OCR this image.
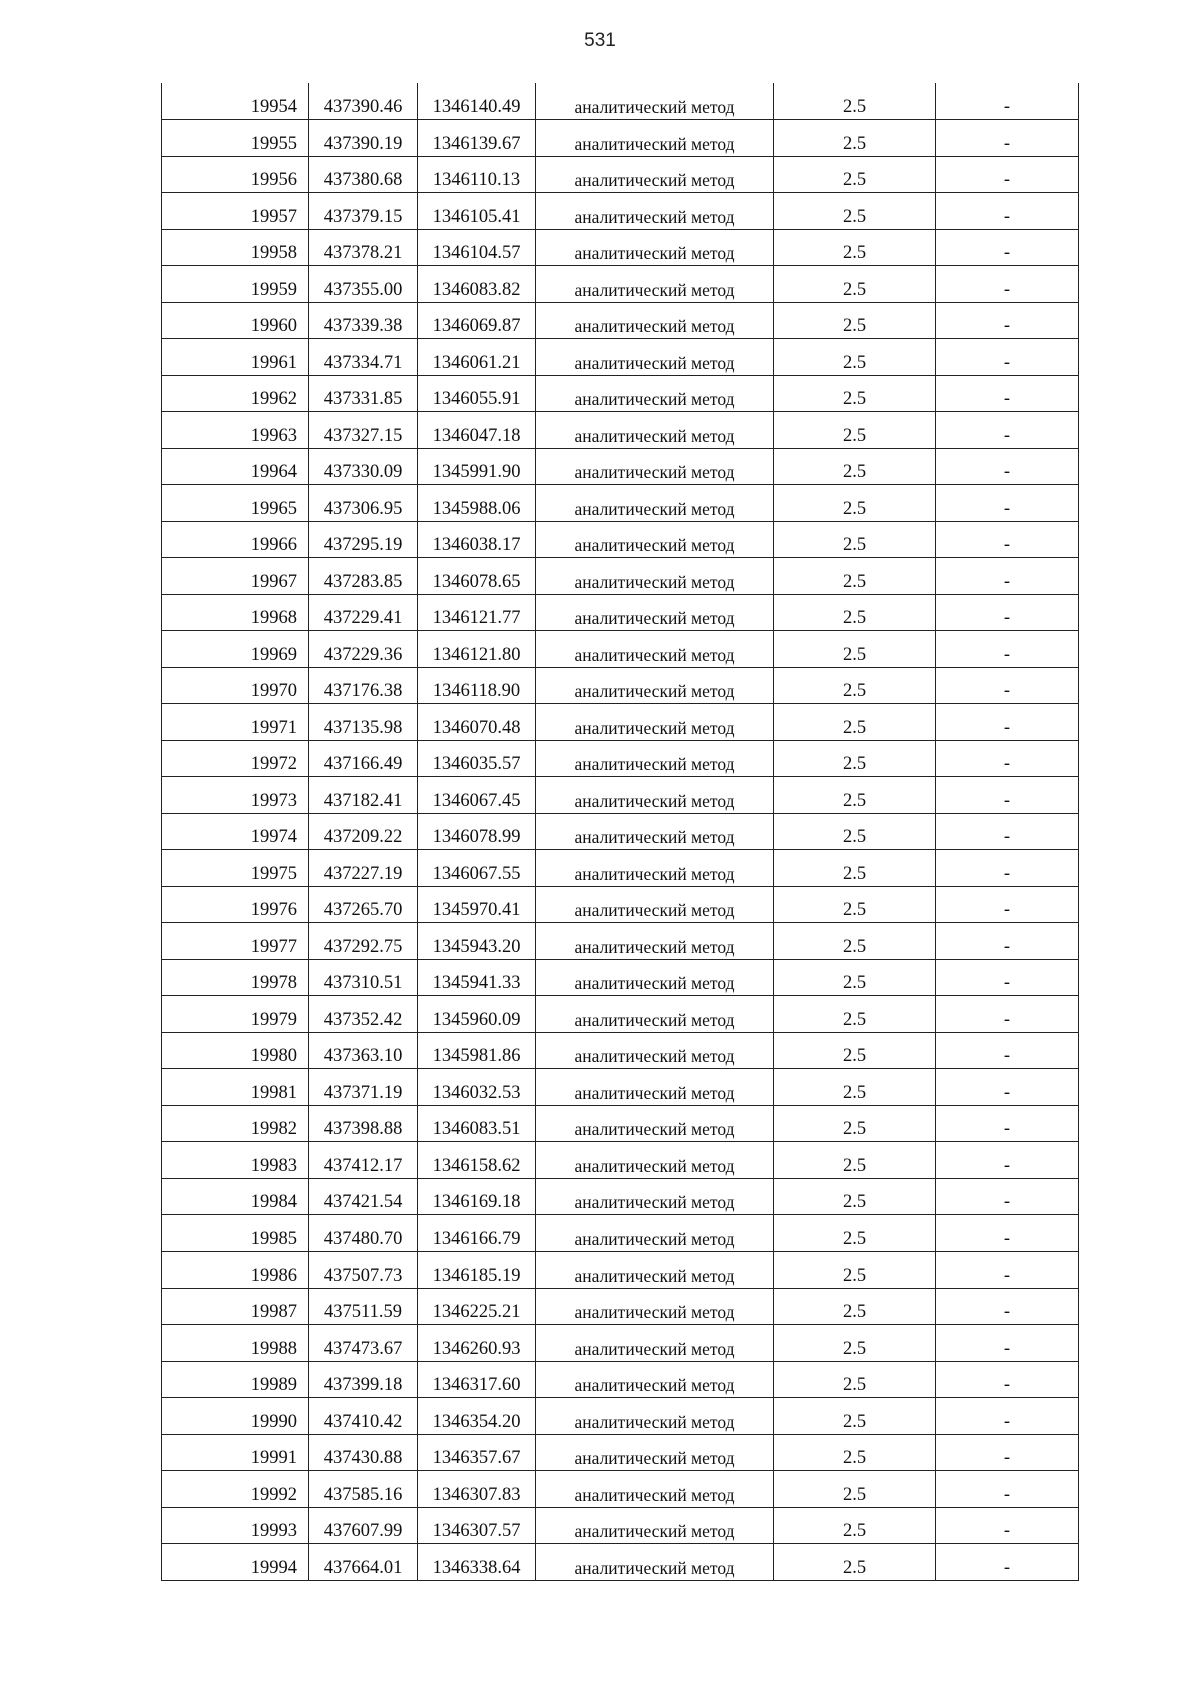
531
19954	437390.46	1346140.49	аналитический метод	2.5	-
19955	437390.19	1346139.67	аналитический метод	2.5	-
19956	437380.68	1346110.13	аналитический метод	2.5	-
19957	437379.15	1346105.41	аналитический метод	2.5	-
19958	437378.21	1346104.57	аналитический метод	2.5	-
19959	437355.00	1346083.82	аналитический метод	2.5	-
19960	437339.38	1346069.87	аналитический метод	2.5	-
19961	437334.71	1346061.21	аналитический метод	2.5	-
19962	437331.85	1346055.91	аналитический метод	2.5	-
19963	437327.15	1346047.18	аналитический метод	2.5	-
19964	437330.09	1345991.90	аналитический метод	2.5	-
19965	437306.95	1345988.06	аналитический метод	2.5	-
19966	437295.19	1346038.17	аналитический метод	2.5	-
19967	437283.85	1346078.65	аналитический метод	2.5	-
19968	437229.41	1346121.77	аналитический метод	2.5	-
19969	437229.36	1346121.80	аналитический метод	2.5	-
19970	437176.38	1346118.90	аналитический метод	2.5	-
19971	437135.98	1346070.48	аналитический метод	2.5	-
19972	437166.49	1346035.57	аналитический метод	2.5	-
19973	437182.41	1346067.45	аналитический метод	2.5	-
19974	437209.22	1346078.99	аналитический метод	2.5	-
19975	437227.19	1346067.55	аналитический метод	2.5	-
19976	437265.70	1345970.41	аналитический метод	2.5	-
19977	437292.75	1345943.20	аналитический метод	2.5	-
19978	437310.51	1345941.33	аналитический метод	2.5	-
19979	437352.42	1345960.09	аналитический метод	2.5	-
19980	437363.10	1345981.86	аналитический метод	2.5	-
19981	437371.19	1346032.53	аналитический метод	2.5	-
19982	437398.88	1346083.51	аналитический метод	2.5	-
19983	437412.17	1346158.62	аналитический метод	2.5	-
19984	437421.54	1346169.18	аналитический метод	2.5	-
19985	437480.70	1346166.79	аналитический метод	2.5	-
19986	437507.73	1346185.19	аналитический метод	2.5	-
19987	437511.59	1346225.21	аналитический метод	2.5	-
19988	437473.67	1346260.93	аналитический метод	2.5	-
19989	437399.18	1346317.60	аналитический метод	2.5	-
19990	437410.42	1346354.20	аналитический метод	2.5	-
19991	437430.88	1346357.67	аналитический метод	2.5	-
19992	437585.16	1346307.83	аналитический метод	2.5	-
19993	437607.99	1346307.57	аналитический метод	2.5	-
19994	437664.01	1346338.64	аналитический метод	2.5	-
